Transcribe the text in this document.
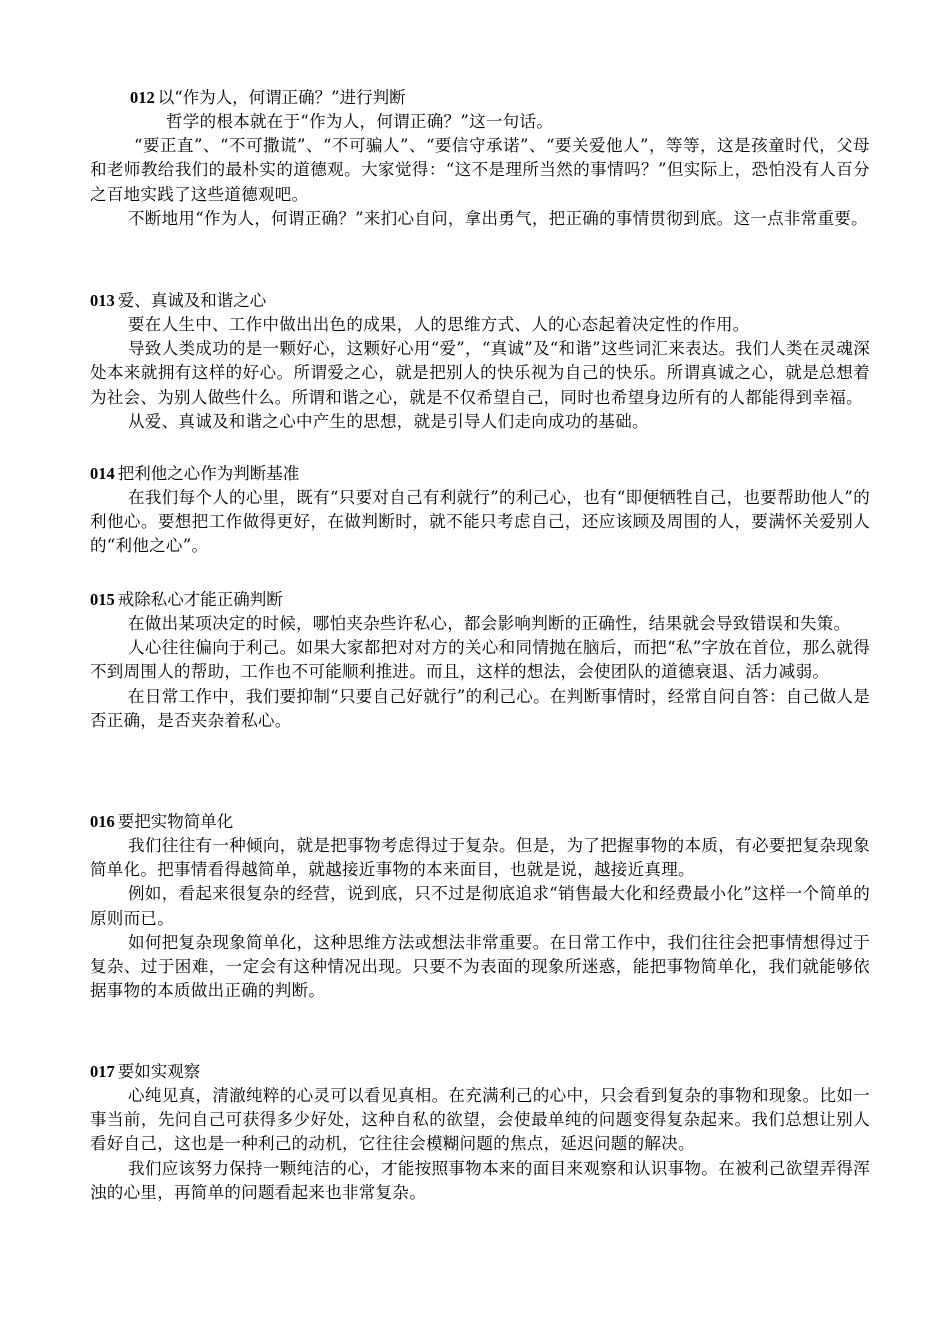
012 以“作为人，何谓正确？”进行判断
哲学的根本就在于“作为人，何谓正确？”这一句话。
“要正直”、“不可撒谎”、“不可骗人”、“要信守承诺”、“要关爱他人”，等等，这是孩童时代，父母和老师教给我们的最朴实的道德观。大家觉得：“这不是理所当然的事情吗？”但实际上，恐怕没有人百分之百地实践了这些道德观吧。
不断地用“作为人，何谓正确？”来扪心自问，拿出勇气，把正确的事情贯彻到底。这一点非常重要。
013 爱、真诚及和谐之心
要在人生中、工作中做出出色的成果，人的思维方式、人的心态起着决定性的作用。
导致人类成功的是一颗好心，这颗好心用“爱”，“真诚”及“和谐”这些词汇来表达。我们人类在灵魂深处本来就拥有这样的好心。所谓爱之心，就是把别人的快乐视为自己的快乐。所谓真诚之心，就是总想着为社会、为别人做些什么。所谓和谐之心，就是不仅希望自己，同时也希望身边所有的人都能得到幸福。
从爱、真诚及和谐之心中产生的思想，就是引导人们走向成功的基础。
014 把利他之心作为判断基准
在我们每个人的心里，既有“只要对自己有利就行”的利己心，也有“即便牺牲自己，也要帮助他人”的利他心。要想把工作做得更好，在做判断时，就不能只考虑自己，还应该顾及周围的人，要满怀关爱别人的“利他之心”。
015 戒除私心才能正确判断
在做出某项决定的时候，哪怕夹杂些许私心，都会影响判断的正确性，结果就会导致错误和失策。
人心往往偏向于利己。如果大家都把对对方的关心和同情抛在脑后，而把“私”字放在首位，那么就得不到周围人的帮助，工作也不可能顺利推进。而且，这样的想法，会使团队的道德衰退、活力减弱。
在日常工作中，我们要抑制“只要自己好就行”的利己心。在判断事情时，经常自问自答：自己做人是否正确，是否夹杂着私心。
016 要把实物简单化
我们往往有一种倾向，就是把事物考虑得过于复杂。但是，为了把握事物的本质，有必要把复杂现象简单化。把事情看得越简单，就越接近事物的本来面目，也就是说，越接近真理。
例如，看起来很复杂的经营，说到底，只不过是彻底追求“销售最大化和经费最小化”这样一个简单的原则而已。
如何把复杂现象简单化，这种思维方法或想法非常重要。在日常工作中，我们往往会把事情想得过于复杂、过于困难，一定会有这种情况出现。只要不为表面的现象所迷惑，能把事物简单化，我们就能够依据事物的本质做出正确的判断。
017 要如实观察
心纯见真，清澈纯粹的心灵可以看见真相。在充满利己的心中，只会看到复杂的事物和现象。比如一事当前，先问自己可获得多少好处，这种自私的欲望，会使最单纯的问题变得复杂起来。我们总想让别人看好自己，这也是一种利己的动机，它往往会模糊问题的焦点，延迟问题的解决。
我们应该努力保持一颗纯洁的心，才能按照事物本来的面目来观察和认识事物。在被利己欲望弄得浑浊的心里，再简单的问题看起来也非常复杂。
